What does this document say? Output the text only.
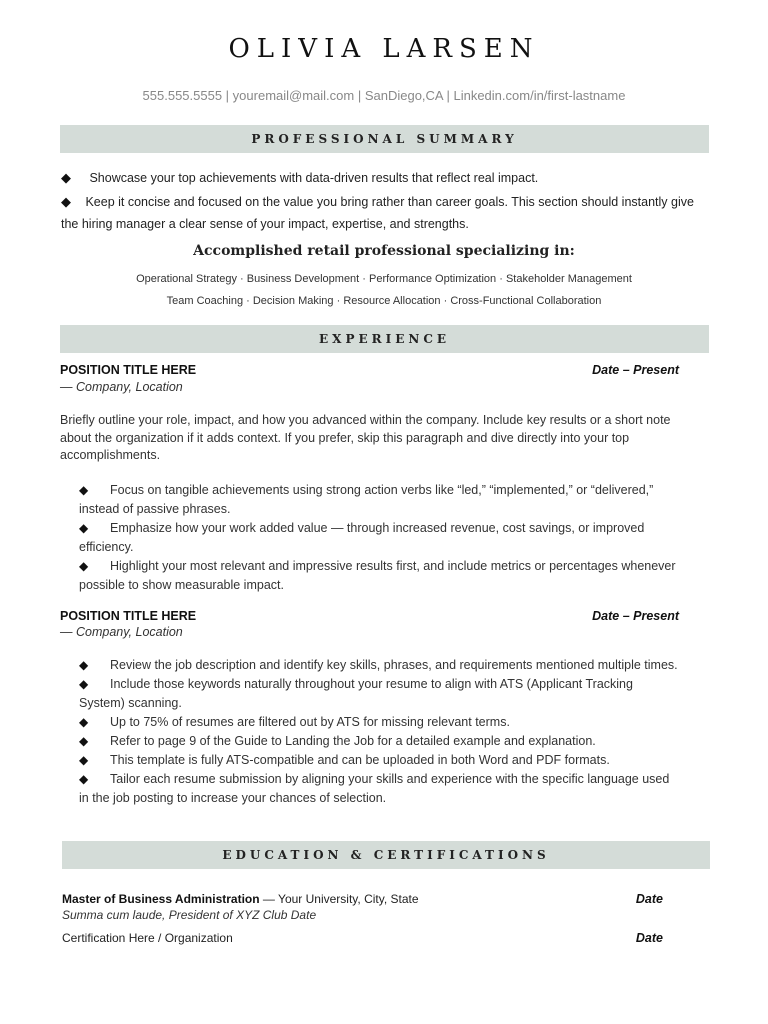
OLIVIA LARSEN
555.555.5555 | youremail@mail.com | SanDiego,CA | Linkedin.com/in/first-lastname
PROFESSIONAL SUMMARY
◆ Showcase your top achievements with data-driven results that reflect real impact.
◆ Keep it concise and focused on the value you bring rather than career goals. This section should instantly give
the hiring manager a clear sense of your impact, expertise, and strengths.
Accomplished retail professional specializing in:
Operational Strategy · Business Development · Performance Optimization · Stakeholder Management
Team Coaching · Decision Making · Resource Allocation · Cross-Functional Collaboration
EXPERIENCE
POSITION TITLE HERE	Date – Present
— Company, Location
Briefly outline your role, impact, and how you advanced within the company. Include key results or a short note about the organization if it adds context. If you prefer, skip this paragraph and dive directly into your top accomplishments.
◆ Focus on tangible achievements using strong action verbs like “led,” “implemented,” or “delivered,” instead of passive phrases.
◆ Emphasize how your work added value — through increased revenue, cost savings, or improved efficiency.
◆ Highlight your most relevant and impressive results first, and include metrics or percentages whenever possible to show measurable impact.
POSITION TITLE HERE	Date – Present
— Company, Location
◆ Review the job description and identify key skills, phrases, and requirements mentioned multiple times.
◆ Include those keywords naturally throughout your resume to align with ATS (Applicant Tracking System) scanning.
◆ Up to 75% of resumes are filtered out by ATS for missing relevant terms.
◆ Refer to page 9 of the Guide to Landing the Job for a detailed example and explanation.
◆ This template is fully ATS-compatible and can be uploaded in both Word and PDF formats.
◆ Tailor each resume submission by aligning your skills and experience with the specific language used in the job posting to increase your chances of selection.
EDUCATION & CERTIFICATIONS
Master of Business Administration — Your University, City, State	Date
Summa cum laude, President of XYZ Club Date
Certification Here / Organization	Date
